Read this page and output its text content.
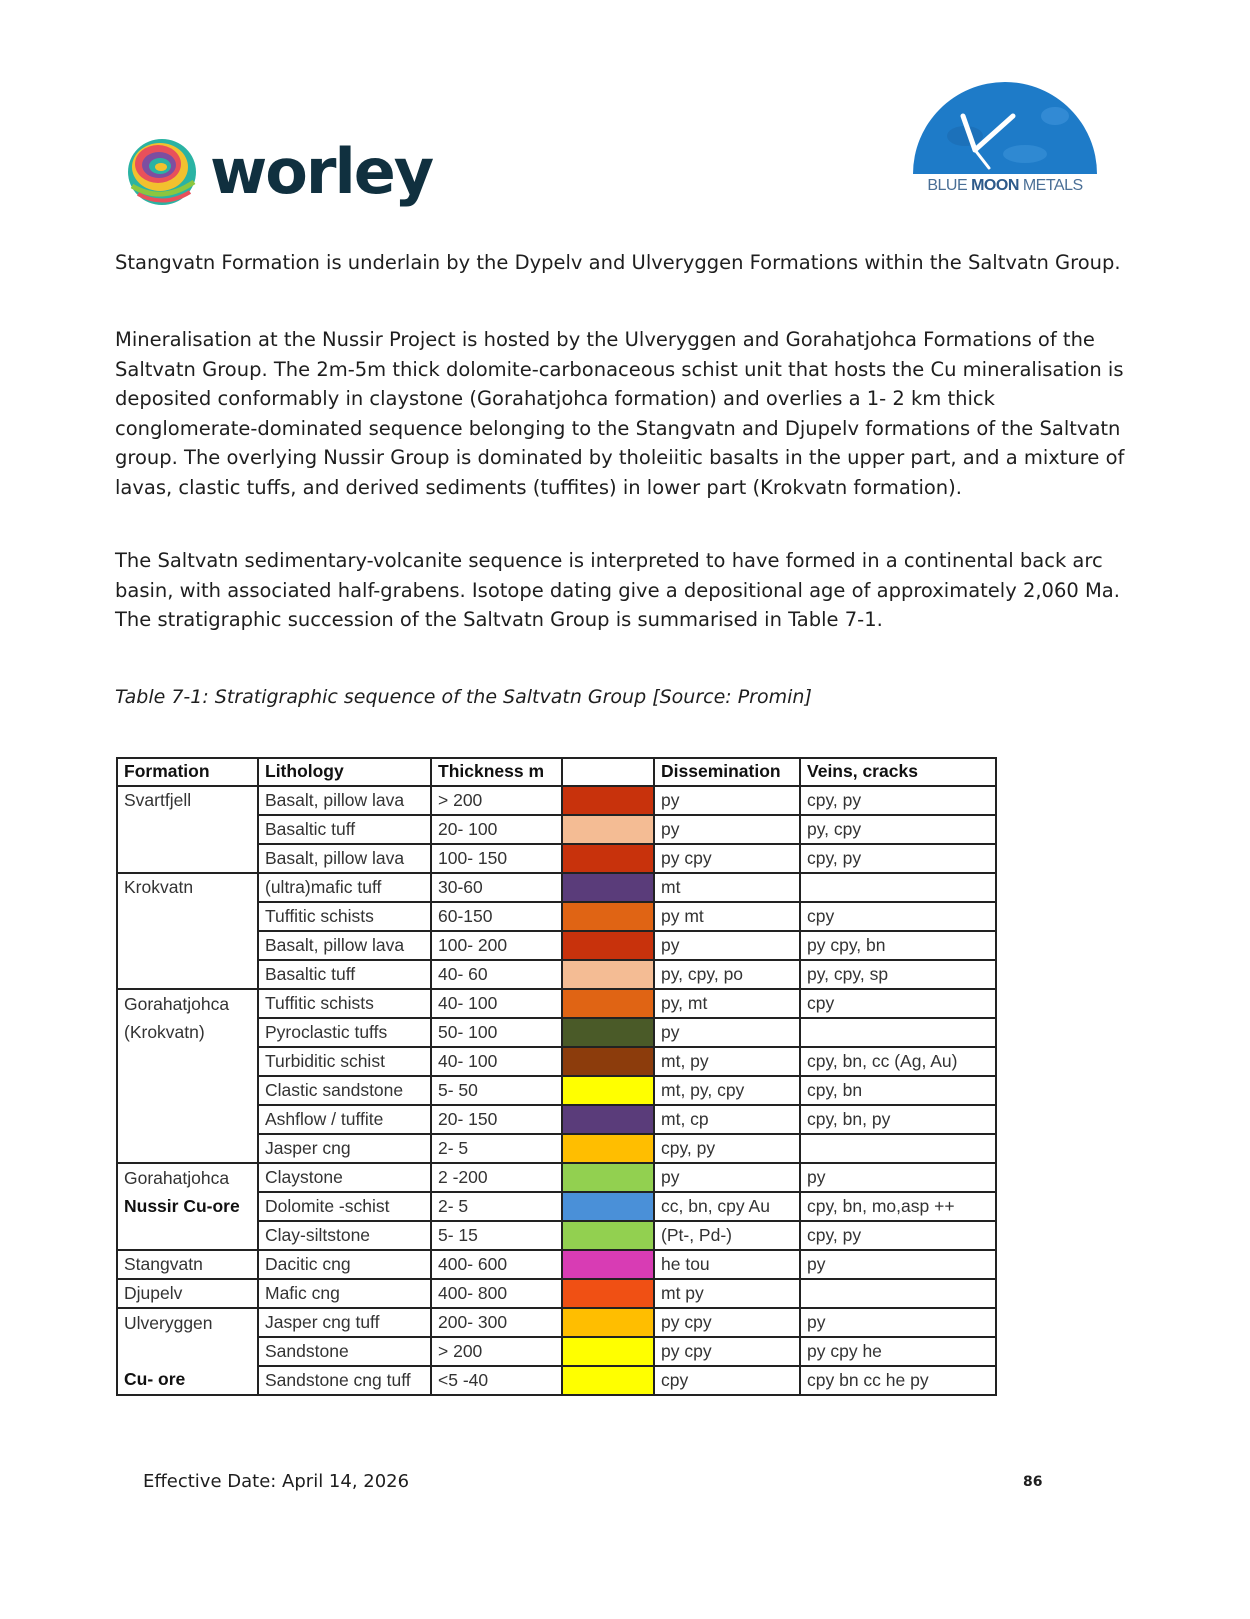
worley	BLUE MOON METALS

Stangvatn Formation is underlain by the Dypelv and Ulveryggen Formations within the Saltvatn Group.

Mineralisation at the Nussir Project is hosted by the Ulveryggen and Gorahatjohca Formations of the Saltvatn Group. The 2m-5m thick dolomite-carbonaceous schist unit that hosts the Cu mineralisation is deposited conformably in claystone (Gorahatjohca formation) and overlies a 1- 2 km thick conglomerate-dominated sequence belonging to the Stangvatn and Djupelv formations of the Saltvatn group. The overlying Nussir Group is dominated by tholeiitic basalts in the upper part, and a mixture of lavas, clastic tuffs, and derived sediments (tuffites) in lower part (Krokvatn formation).

The Saltvatn sedimentary-volcanite sequence is interpreted to have formed in a continental back arc basin, with associated half-grabens. Isotope dating give a depositional age of approximately 2,060 Ma. The stratigraphic succession of the Saltvatn Group is summarised in Table 7-1.

Table 7-1: Stratigraphic sequence of the Saltvatn Group [Source: Promin]
Formation	Lithology	Thickness m		Dissemination	Veins, cracks

Svartfjell	Basalt, pillow lava	> 200		py	cpy, py
	Basaltic tuff	20- 100		py	py, cpy
	Basalt, pillow lava	100- 150		py cpy	cpy, py

Krokvatn	(ultra)mafic tuff	30-60		mt	
	Tuffitic schists	60-150		py mt	cpy
	Basalt, pillow lava	100- 200		py	py cpy, bn
	Basaltic tuff	40- 60		py, cpy, po	py, cpy, sp

Gorahatjohca
(Krokvatn)	Tuffitic schists	40- 100		py, mt	cpy
	Pyroclastic tuffs	50- 100		py	
	Turbiditic schist	40- 100		mt, py	cpy, bn, cc (Ag, Au)
	Clastic sandstone	5- 50		mt, py, cpy	cpy, bn
	Ashflow / tuffite	20- 150		mt, cp	cpy, bn, py
	Jasper cng	2- 5		cpy, py	

Gorahatjohca
Nussir Cu-ore	Claystone	2 -200		py	py
	Dolomite -schist	2- 5		cc, bn, cpy Au	cpy, bn, mo,asp ++
	Clay-siltstone	5- 15		(Pt-, Pd-)	cpy, py

Stangvatn	Dacitic cng	400- 600		he tou	py

Djupelv	Mafic cng	400- 800		mt py	

Ulveryggen

Cu- ore	Jasper cng tuff	200- 300		py cpy	py
	Sandstone	> 200		py cpy	py cpy he
	Sandstone cng tuff	<5 -40		cpy	cpy bn cc he py
Effective Date: April 14, 2026	86
